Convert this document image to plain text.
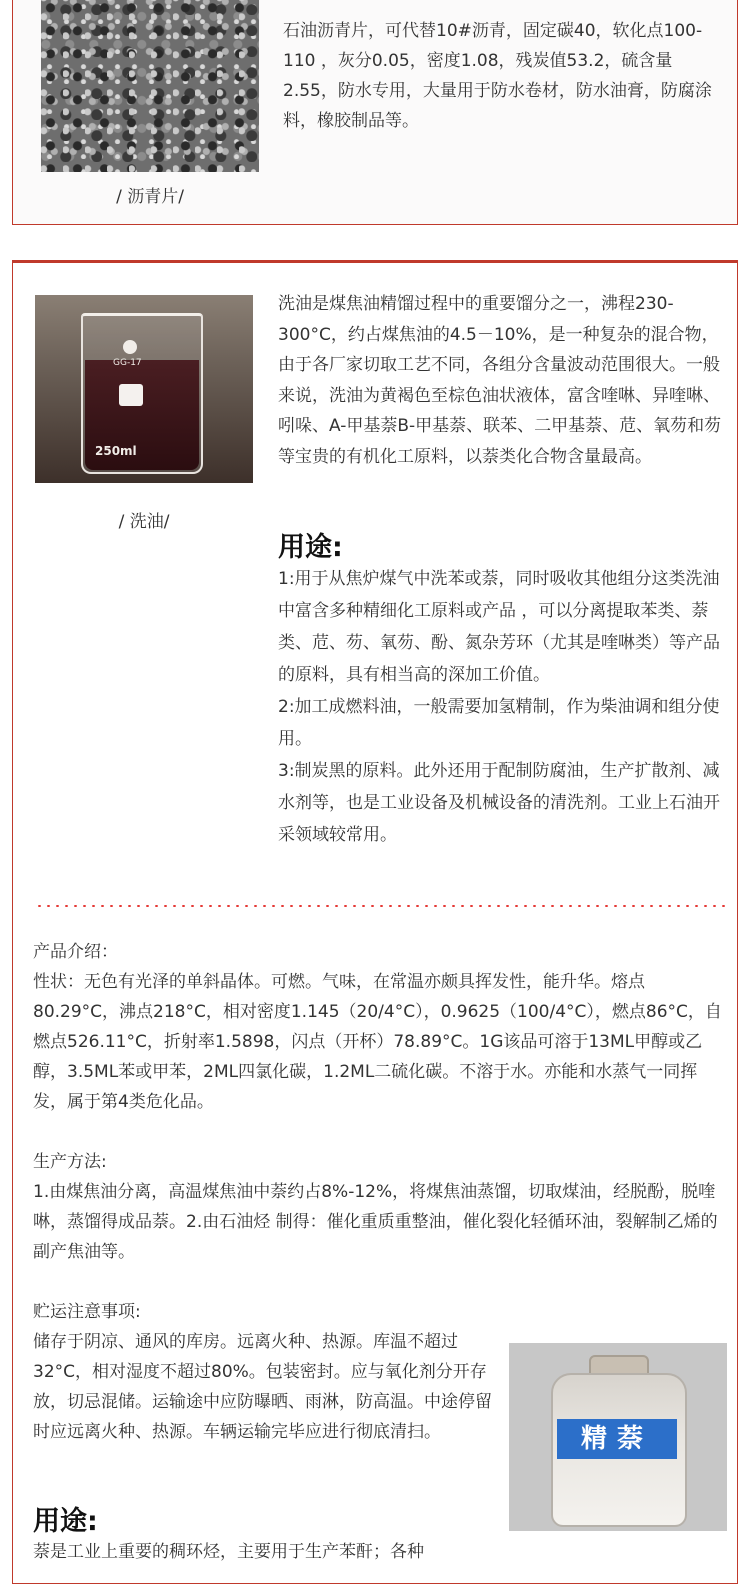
/ 沥青片/
石油沥青片，可代替10#沥青，固定碳40，软化点100-110 ，灰分0.05，密度1.08，残炭值53.2，硫含量2.55，防水专用，大量用于防水卷材，防水油膏，防腐涂料，橡胶制品等。
GG-17
250ml
/ 洗油/
洗油是煤焦油精馏过程中的重要馏分之一，沸程230-300°C，约占煤焦油的4.5－10%，是一种复杂的混合物，由于各厂家切取工艺不同，各组分含量波动范围很大。一般来说，洗油为黄褐色至棕色油状液体，富含喹啉、异喹啉、吲哚、A-甲基萘B-甲基萘、联苯、二甲基萘、苊、氧芴和芴等宝贵的有机化工原料，以萘类化合物含量最高。
用途:

1:用于从焦炉煤气中洗苯或萘，同时吸收其他组分这类洗油中富含多种精细化工原料或产品 ，可以分离提取苯类、萘类、苊、芴、氧芴、酚、氮杂芳环（尤其是喹啉类）等产品的原料，具有相当高的深加工价值。

2:加工成燃料油，一般需要加氢精制，作为柴油调和组分使用。

3:制炭黑的原料。此外还用于配制防腐油，生产扩散剂、减水剂等，也是工业设备及机械设备的清洗剂。工业上石油开采领域较常用。

产品介绍：

性状：无色有光泽的单斜晶体。可燃。气味，在常温亦颇具挥发性，能升华。熔点80.29°C，沸点218°C，相对密度1.145（20/4°C），0.9625（100/4°C），燃点86°C，自燃点526.11°C，折射率1.5898，闪点（开杯）78.89°C。1G该品可溶于13ML甲醇或乙醇，3.5ML苯或甲苯，2ML四氯化碳，1.2ML二硫化碳。不溶于水。亦能和水蒸气一同挥发，属于第4类危化品。

生产方法:

1.由煤焦油分离，高温煤焦油中萘约占8%-12%，将煤焦油蒸馏，切取煤油，经脱酚，脱喹啉，蒸馏得成品萘。2.由石油烃 制得：催化重质重整油，催化裂化轻循环油，裂解制乙烯的副产焦油等。

贮运注意事项:

储存于阴凉、通风的库房。远离火种、热源。库温不超过32°C，相对湿度不超过80%。包装密封。应与氧化剂分开存放，切忌混储。运输途中应防曝晒、雨淋，防高温。中途停留时应远离火种、热源。车辆运输完毕应进行彻底清扫。	精萘
用途:
萘是工业上重要的稠环烃，主要用于生产苯酐；各种
